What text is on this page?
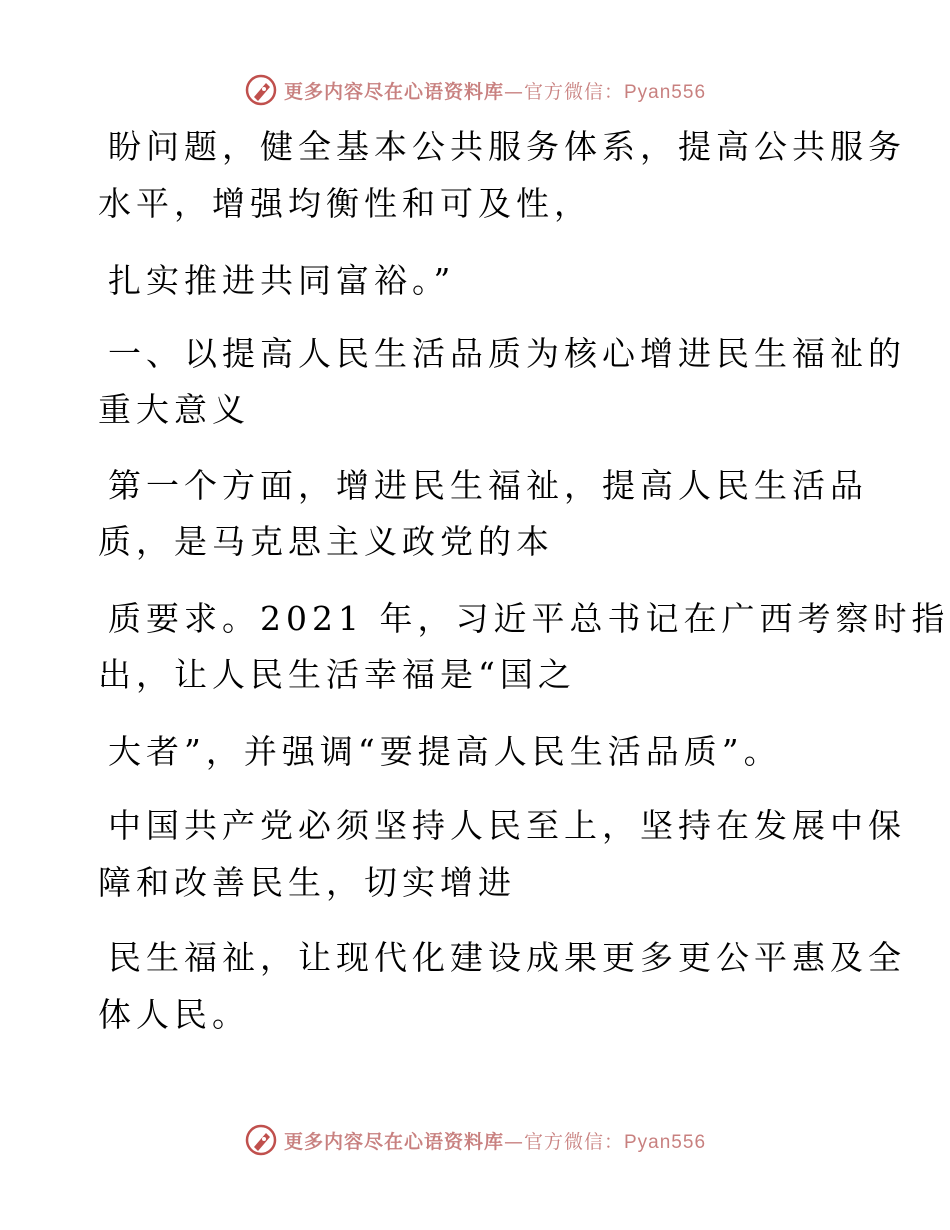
更多内容尽在心语资料库—官方微信：Pyan556
盼问题，健全基本公共服务体系，提高公共服务
水平，增强均衡性和可及性，
扎实推进共同富裕。”
一、以提高人民生活品质为核心增进民生福祉的
重大意义
第一个方面，增进民生福祉，提高人民生活品
质，是马克思主义政党的本
质要求。2021 年，习近平总书记在广西考察时指
出，让人民生活幸福是“国之
大者”，并强调“要提高人民生活品质”。
中国共产党必须坚持人民至上，坚持在发展中保
障和改善民生，切实增进
民生福祉，让现代化建设成果更多更公平惠及全
体人民。
更多内容尽在心语资料库—官方微信：Pyan556
